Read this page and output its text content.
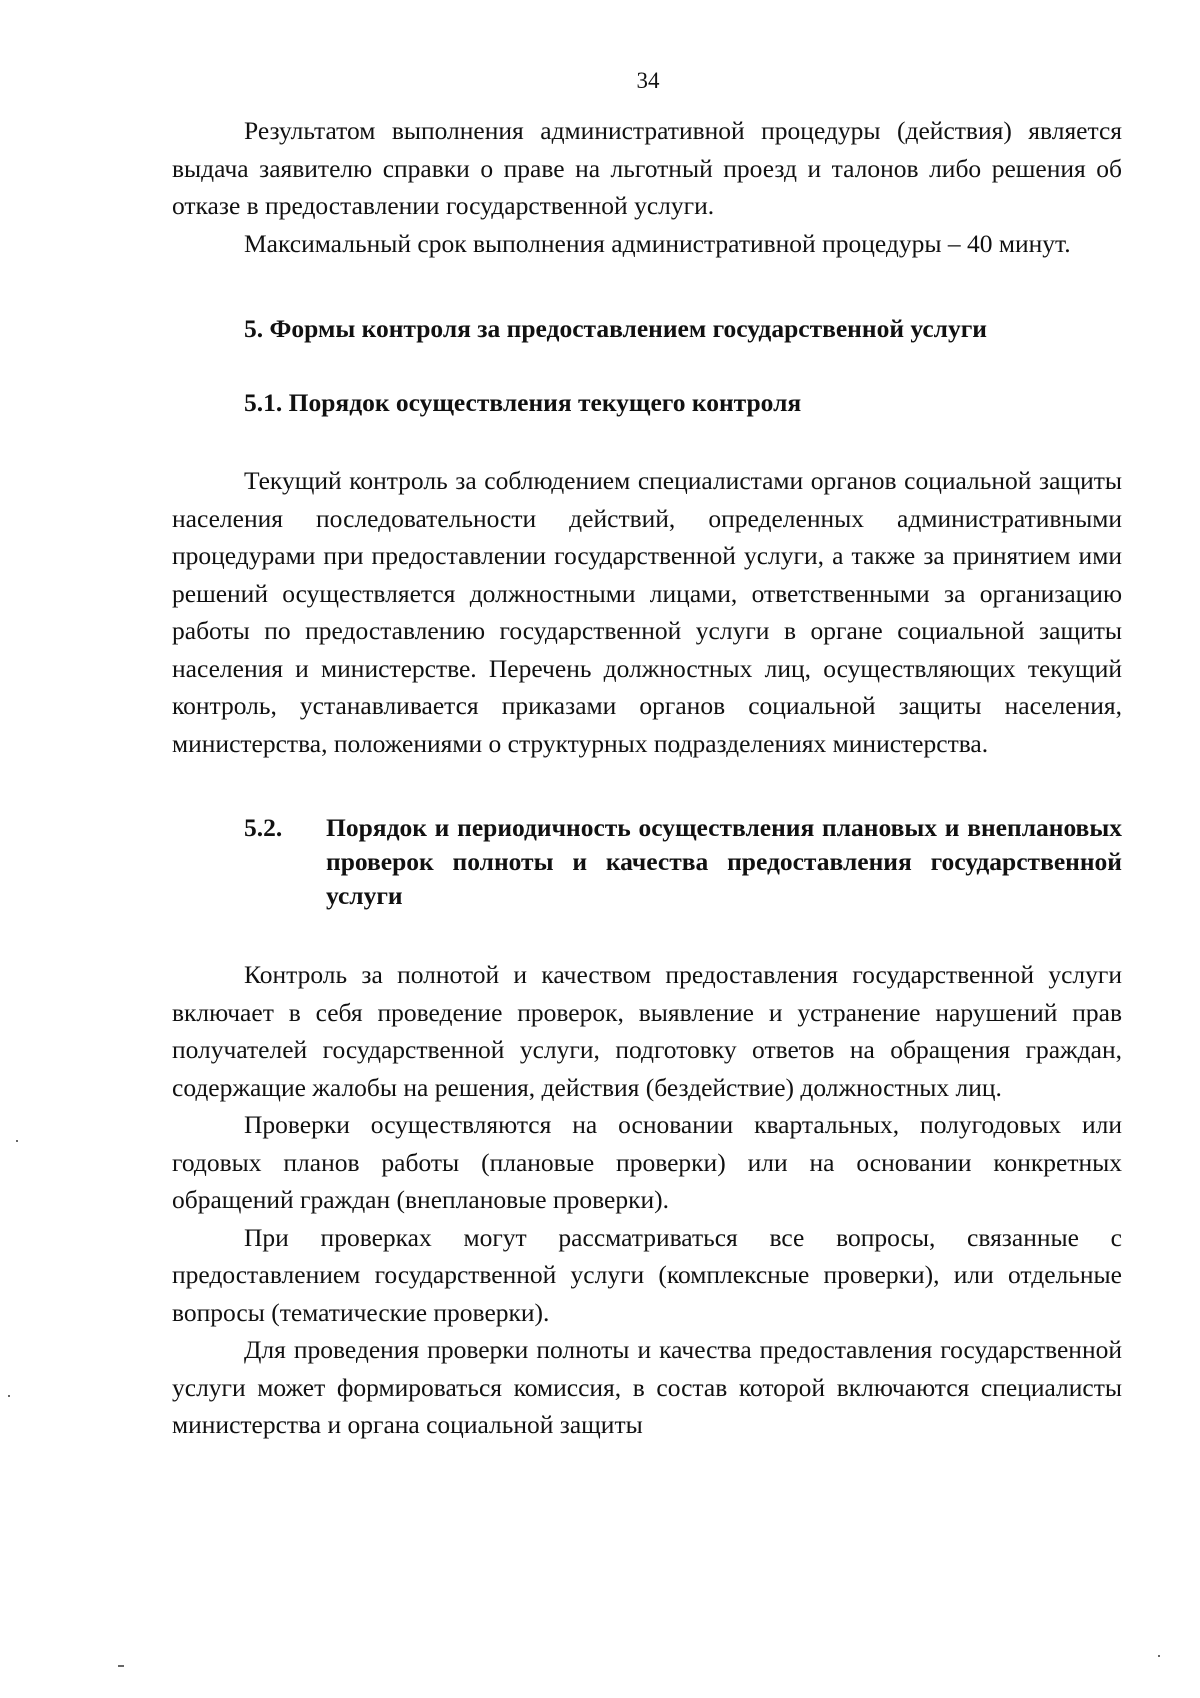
34

Результатом выполнения административной процедуры (действия) является выдача заявителю справки о праве на льготный проезд и талонов либо решения об отказе в предоставлении государственной услуги.

Максимальный срок выполнения административной процедуры – 40 минут.

5. Формы контроля за предоставлением государственной услуги

5.1. Порядок осуществления текущего контроля

Текущий контроль за соблюдением специалистами органов социальной защиты населения последовательности действий, определенных административными процедурами при предоставлении государственной услуги, а также за принятием ими решений осуществляется должностными лицами, ответственными за организацию работы по предоставлению государственной услуги в органе социальной защиты населения и министерстве. Перечень должностных лиц, осуществляющих текущий контроль, устанавливается приказами органов социальной защиты населения, министерства, положениями о структурных подразделениях министерства.

5.2.	Порядок и периодичность осуществления плановых и внеплановых проверок полноты и качества предоставления государственной услуги

Контроль за полнотой и качеством предоставления государственной услуги включает в себя проведение проверок, выявление и устранение нарушений прав получателей государственной услуги, подготовку ответов на обращения граждан, содержащие жалобы на решения, действия (бездействие) должностных лиц.

Проверки осуществляются на основании квартальных, полугодовых или годовых планов работы (плановые проверки) или на основании конкретных обращений граждан (внеплановые проверки).

При проверках могут рассматриваться все вопросы, связанные с предоставлением государственной услуги (комплексные проверки), или отдельные вопросы (тематические проверки).

Для проведения проверки полноты и качества предоставления государственной услуги может формироваться комиссия, в состав которой включаются специалисты министерства и органа социальной защиты
